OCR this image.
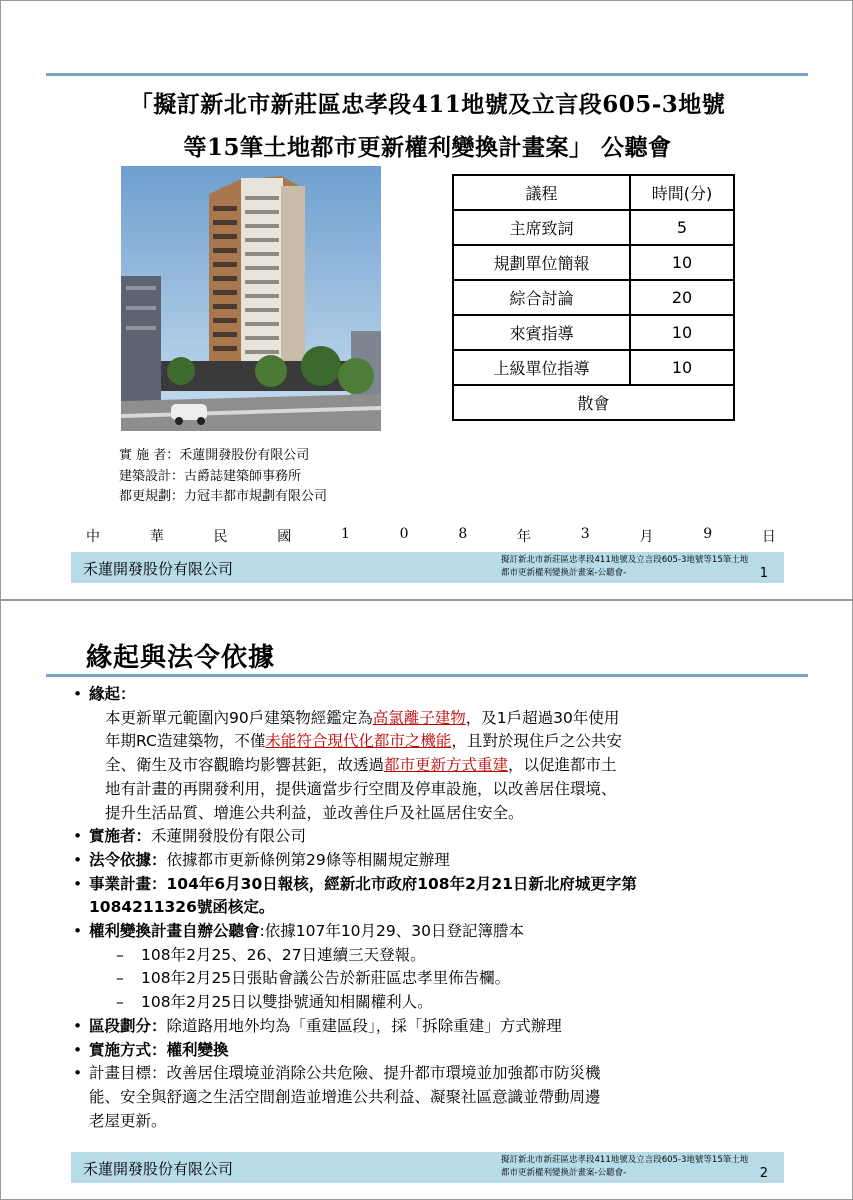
「擬訂新北市新莊區忠孝段411地號及立言段605-3地號
等15筆土地都市更新權利變換計畫案」 公聽會
議程	時間(分)
主席致詞	5
規劃單位簡報	10
綜合討論	20
來賓指導	10
上級單位指導	10
散會	
實 施 者：禾蓮開發股份有限公司
建築設計：古爵誌建築師事務所
都更規劃：力冠丰都市規劃有限公司
中	華	民	國	1	0	8	年	3	月	9	日
禾蓮開發股份有限公司	擬訂新北市新莊區忠孝段411地號及立言段605-3地號等15筆土地
都市更新權利變換計畫案-公聽會-	1
緣起與法令依據
• 緣起：
本更新單元範圍內90戶建築物經鑑定為高氯離子建物，及1戶超過30年使用
年期RC造建築物，不僅未能符合現代化都市之機能，且對於現住戶之公共安
全、衛生及市容觀瞻均影響甚鉅，故透過都市更新方式重建，以促進都市土
地有計畫的再開發利用，提供適當步行空間及停車設施，以改善居住環境、
提升生活品質、增進公共利益，並改善住戶及社區居住安全。
• 實施者：禾蓮開發股份有限公司
• 法令依據：依據都市更新條例第29條等相關規定辦理
• 事業計畫：104年6月30日報核，經新北市政府108年2月21日新北府城更字第
1084211326號函核定。
• 權利變換計畫自辦公聽會:依據107年10月29、30日登記簿謄本
– 108年2月25、26、27日連續三天登報。
– 108年2月25日張貼會議公告於新莊區忠孝里佈告欄。
– 108年2月25日以雙掛號通知相關權利人。
• 區段劃分：除道路用地外均為「重建區段」，採「拆除重建」方式辦理
• 實施方式：權利變換
• 計畫目標：改善居住環境並消除公共危險、提升都市環境並加強都市防災機
能、安全與舒適之生活空間創造並增進公共利益、凝聚社區意識並帶動周邊
老屋更新。
禾蓮開發股份有限公司	擬訂新北市新莊區忠孝段411地號及立言段605-3地號等15筆土地
都市更新權利變換計畫案-公聽會-	2
